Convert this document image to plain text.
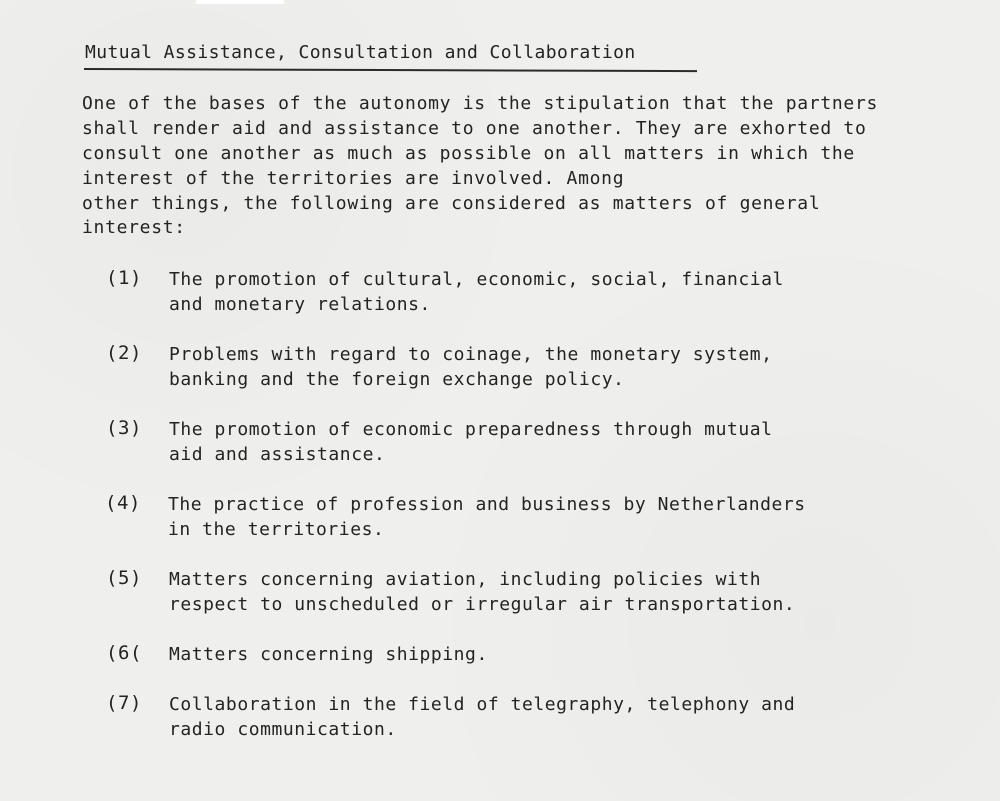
Mutual Assistance, Consultation and Collaboration
One of the bases of the autonomy is the stipulation that the partners
shall render aid and assistance to one another. They are exhorted to
consult one another as much as possible on all matters in which the
interest of the territories are involved. Among
other things, the following are considered as matters of general
interest:
(1)	The promotion of cultural, economic, social, financial
and monetary relations.
(2)	Problems with regard to coinage, the monetary system,
banking and the foreign exchange policy.
(3)	The promotion of economic preparedness through mutual
aid and assistance.
(4)	The practice of profession and business by Netherlanders
in the territories.
(5)	Matters concerning aviation, including policies with
respect to unscheduled or irregular air transportation.
(6(	Matters concerning shipping.
(7)	Collaboration in the field of telegraphy, telephony and
radio communication.
